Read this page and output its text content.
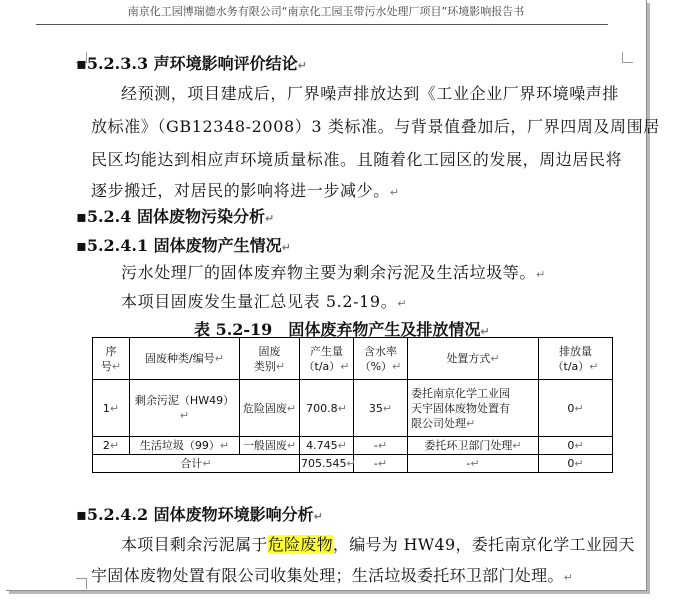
南京化工园博瑞德水务有限公司“南京化工园玉带污水处理厂项目”环境影响报告书
▪5.2.3.3 声环境影响评价结论↵
经预测，项目建成后，厂界噪声排放达到《工业企业厂界环境噪声排
放标准》（GB12348-2008）3 类标准。与背景值叠加后，厂界四周及周围居
民区均能达到相应声环境质量标准。且随着化工园区的发展，周边居民将
逐步搬迁，对居民的影响将进一步减少。↵
▪5.2.4 固体废物污染分析↵
▪5.2.4.1 固体废物产生情况↵
污水处理厂的固体废弃物主要为剩余污泥及生活垃圾等。↵
本项目固废发生量汇总见表 5.2-19。↵
表 5.2-19　固体废弃物产生及排放情况↵
序
号↵	固废种类/编号↵	固废
类别↵	产生量
（t/a）↵	含水率
（%）↵	处置方式↵	排放量
（t/a）↵
1↵	剩余污泥（HW49）↵	危险固废↵	700.8↵	35↵	委托南京化学工业园
天宇固体废物处置有
限公司处理↵	0↵
2↵	生活垃圾（99）↵	一般固废↵	4.745↵	-↵	委托环卫部门处理↵	0↵
合计↵			705.545↵	-↵	-↵	0↵
▪5.2.4.2 固体废物环境影响分析↵
本项目剩余污泥属于危险废物，编号为 HW49，委托南京化学工业园天
宇固体废物处置有限公司收集处理；生活垃圾委托环卫部门处理。↵
